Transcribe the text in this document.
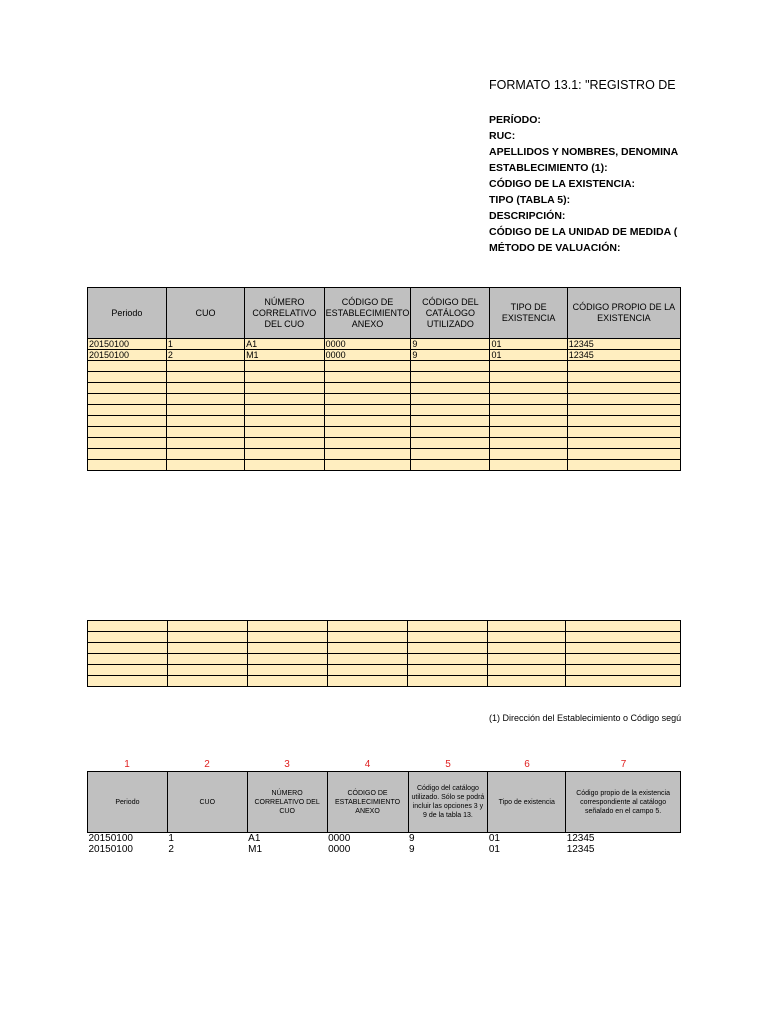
FORMATO 13.1: "REGISTRO DE
PERÍODO:
RUC:
APELLIDOS Y NOMBRES, DENOMINA
ESTABLECIMIENTO (1):
CÓDIGO DE LA EXISTENCIA:
TIPO (TABLA 5):
DESCRIPCIÓN:
CÓDIGO DE LA UNIDAD DE MEDIDA (
MÉTODO DE VALUACIÓN:
Periodo	CUO	NÚMERO CORRELATIVO DEL CUO	CÓDIGO DE ESTABLECIMIENTO ANEXO	CÓDIGO DEL CATÁLOGO UTILIZADO	TIPO DE EXISTENCIA	CÓDIGO PROPIO DE LA EXISTENCIA
20150100	1	A1	0000	9	01	12345
20150100	2	M1	0000	9	01	12345

(1) Dirección del Establecimiento o Código segú
1	2	3	4	5	6	7
Periodo	CUO	NÚMERO CORRELATIVO DEL CUO	CÓDIGO DE ESTABLECIMIENTO ANEXO	Código del catálogo utilizado. Sólo se podrá incluir las opciones 3 y 9 de la tabla 13.	Tipo de existencia	Código propio de la existencia correspondiente al catálogo señalado en el campo 5.
20150100	1	A1	0000	9	01	12345
20150100	2	M1	0000	9	01	12345
